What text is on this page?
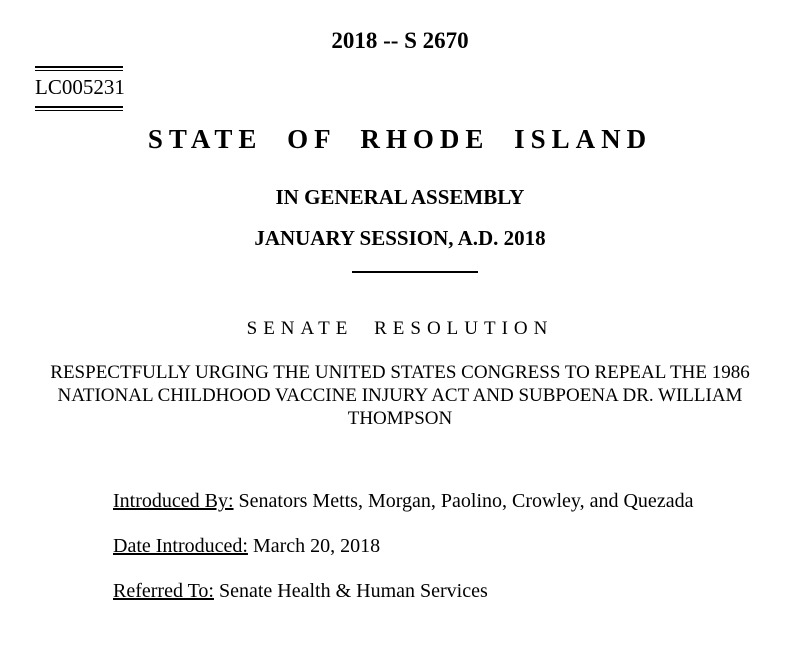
2018 -- S 2670
LC005231
STATE OF RHODE ISLAND
IN GENERAL ASSEMBLY
JANUARY SESSION, A.D. 2018
SENATE RESOLUTION
RESPECTFULLY URGING THE UNITED STATES CONGRESS TO REPEAL THE 1986
NATIONAL CHILDHOOD VACCINE INJURY ACT AND SUBPOENA DR. WILLIAM
THOMPSON
Introduced By: Senators Metts, Morgan, Paolino, Crowley, and Quezada
Date Introduced: March 20, 2018
Referred To: Senate Health & Human Services
